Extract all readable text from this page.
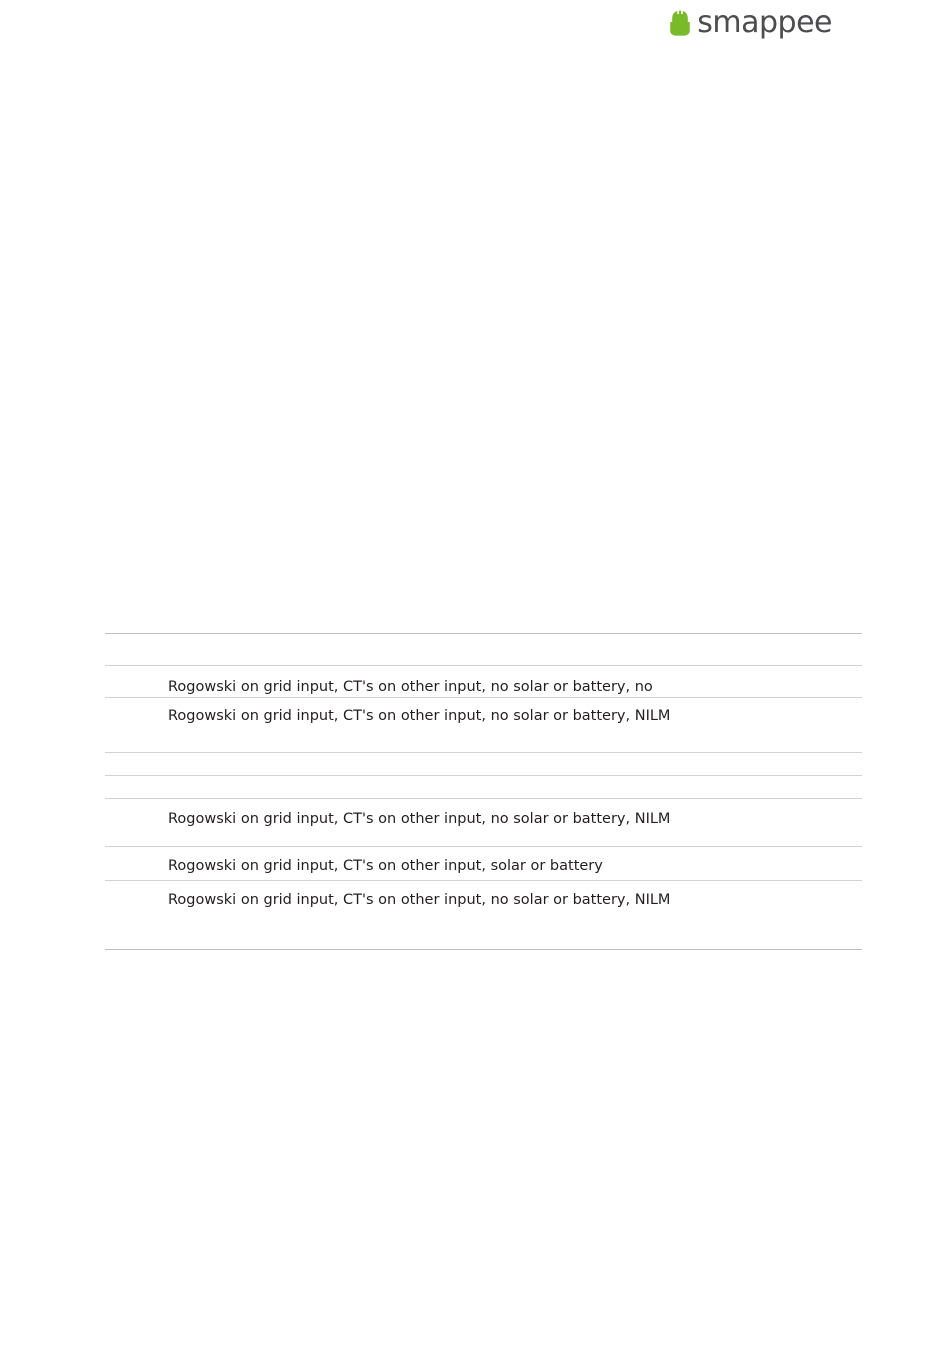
smappee
Rogowski on grid input, CT's on other input, no solar or battery, no
Rogowski on grid input, CT's on other input, no solar or battery, NILM
Rogowski on grid input, CT's on other input, no solar or battery, NILM
Rogowski on grid input, CT's on other input, solar or battery
Rogowski on grid input, CT's on other input, no solar or battery, NILM
